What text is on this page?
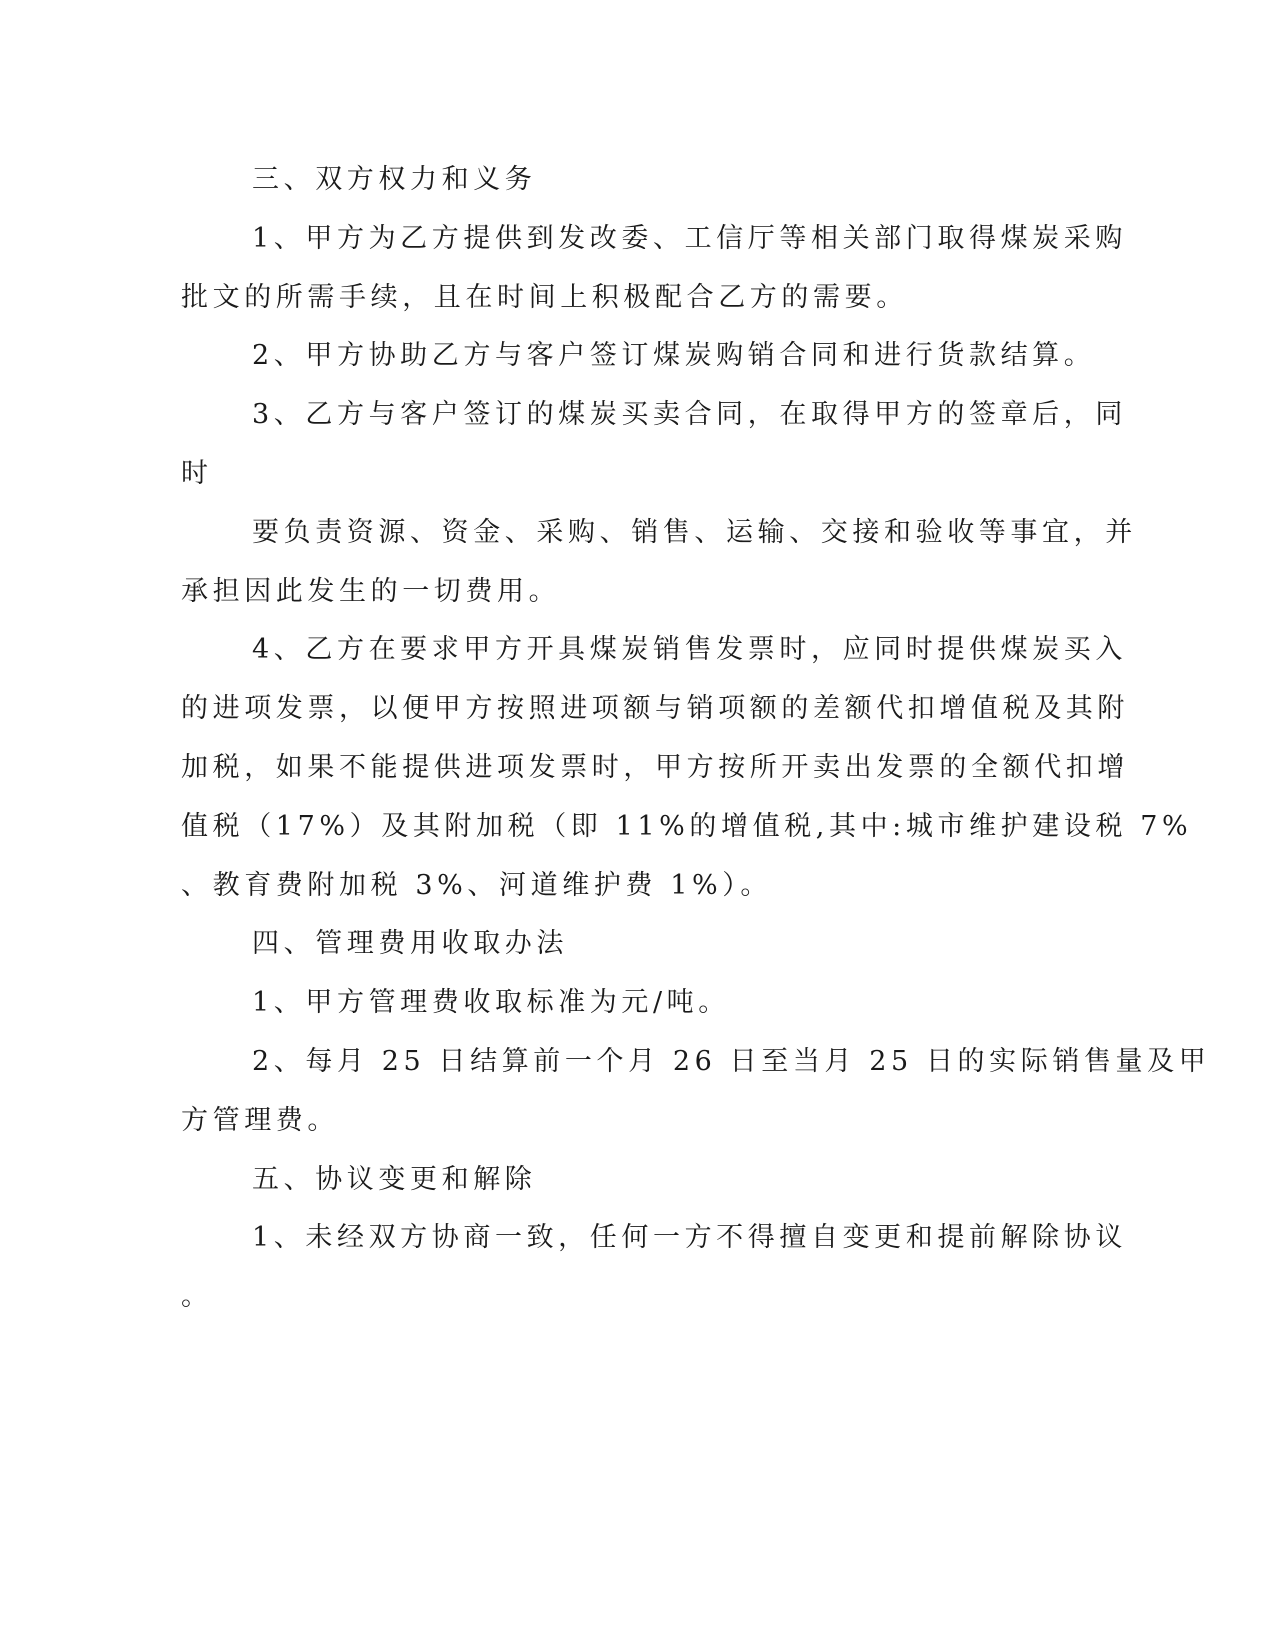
三、双方权力和义务

1、甲方为乙方提供到发改委、工信厅等相关部门取得煤炭采购

批文的所需手续，且在时间上积极配合乙方的需要。

2、甲方协助乙方与客户签订煤炭购销合同和进行货款结算。

3、乙方与客户签订的煤炭买卖合同，在取得甲方的签章后，同

时

要负责资源、资金、采购、销售、运输、交接和验收等事宜，并

承担因此发生的一切费用。

4、乙方在要求甲方开具煤炭销售发票时，应同时提供煤炭买入

的进项发票，以便甲方按照进项额与销项额的差额代扣增值税及其附

加税，如果不能提供进项发票时，甲方按所开卖出发票的全额代扣增

值税（17%）及其附加税（即 11%的增值税,其中:城市维护建设税 7%

、教育费附加税 3%、河道维护费 1%）。

四、管理费用收取办法

1、甲方管理费收取标准为元/吨。

2、每月 25 日结算前一个月 26 日至当月 25 日的实际销售量及甲

方管理费。

五、协议变更和解除

1、未经双方协商一致，任何一方不得擅自变更和提前解除协议

。
